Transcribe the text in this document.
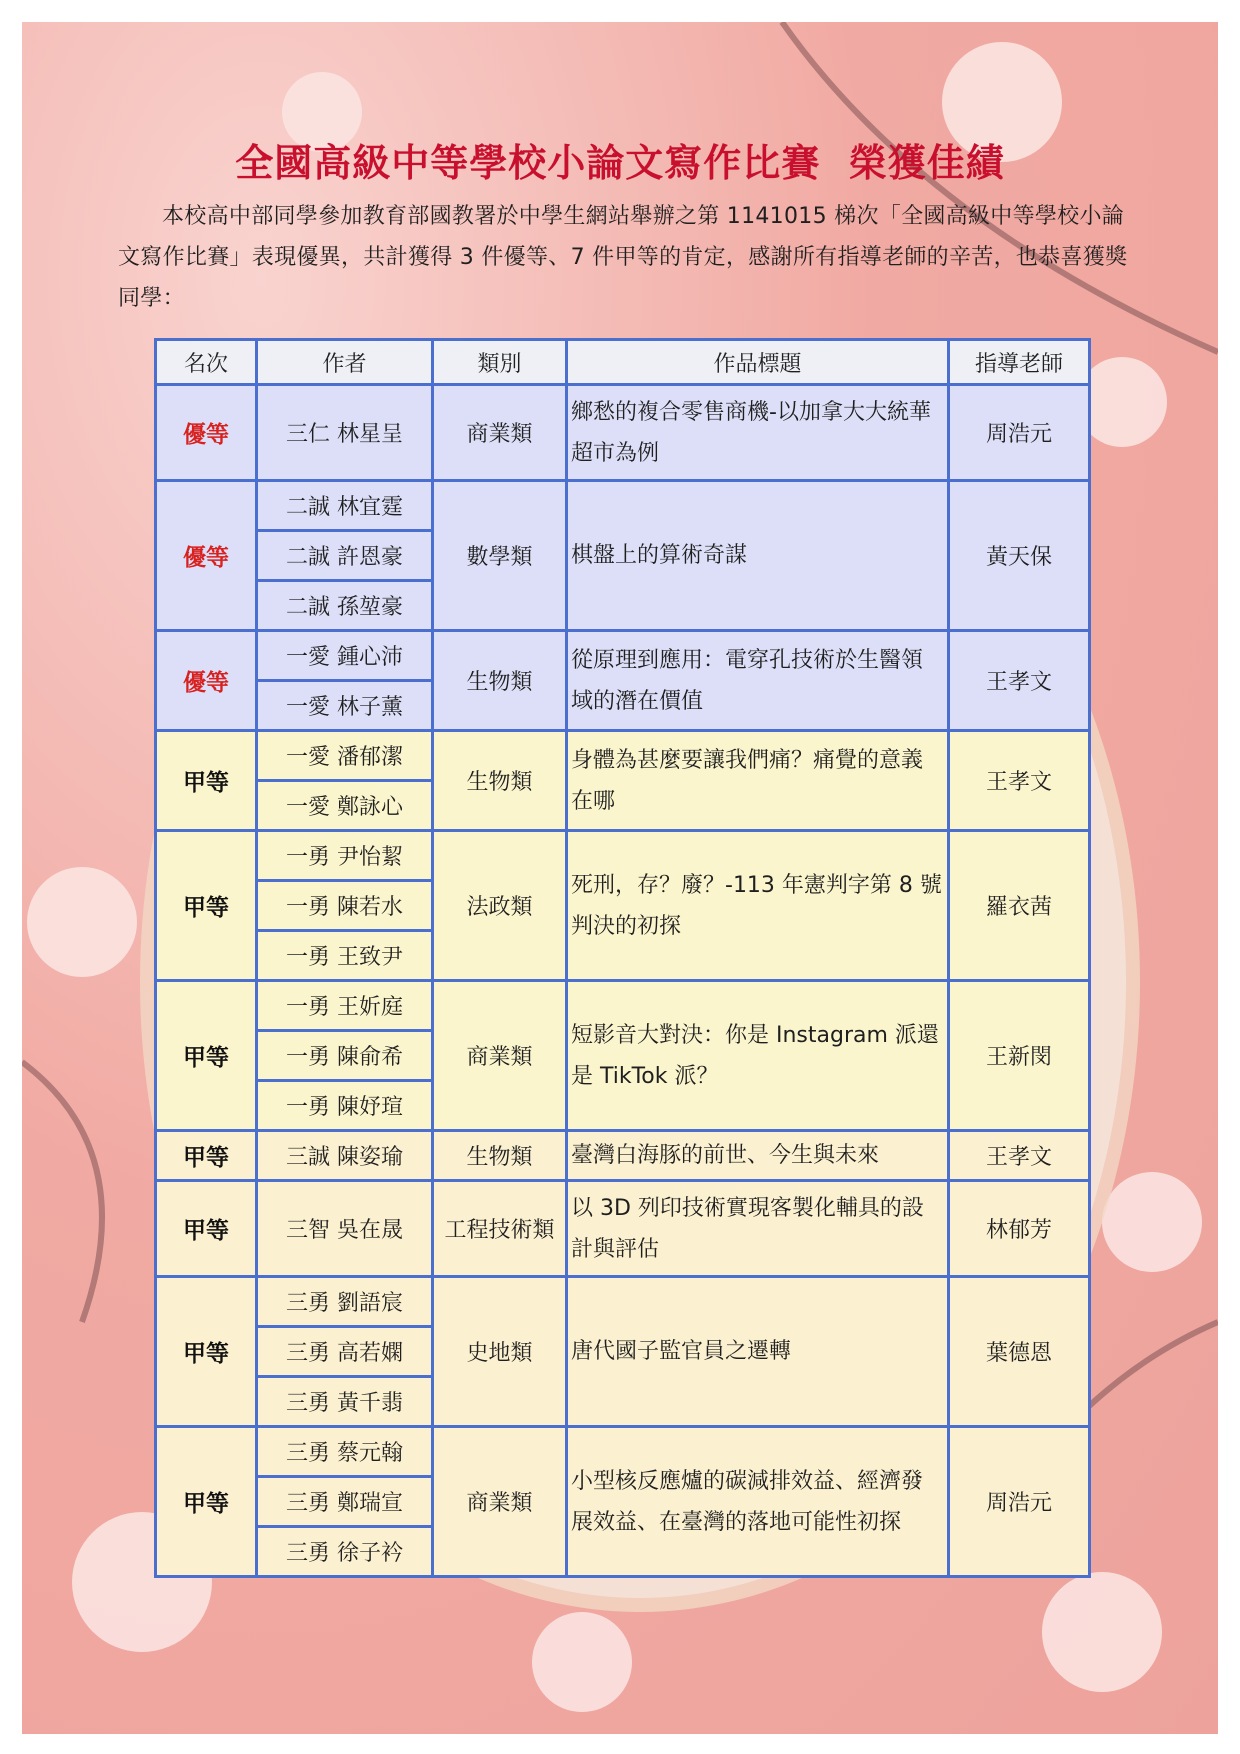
全國高級中等學校小論文寫作比賽  榮獲佳績
本校高中部同學參加教育部國教署於中學生網站舉辦之第 1141015 梯次「全國高級中等學校小論文寫作比賽」表現優異，共計獲得 3 件優等、7 件甲等的肯定，感謝所有指導老師的辛苦，也恭喜獲獎同學：
名次	作者	類別	作品標題	指導老師
優等	三仁 林星呈	商業類	鄉愁的複合零售商機-以加拿大大統華超市為例	周浩元
優等	二誠 林宜霆	數學類	棋盤上的算術奇謀	黃天保
	二誠 許恩豪			
	二誠 孫堃豪			
優等	一愛 鍾心沛	生物類	從原理到應用：電穿孔技術於生醫領域的潛在價值	王孝文
	一愛 林子薰			
甲等	一愛 潘郁潔	生物類	身體為甚麼要讓我們痛？痛覺的意義在哪	王孝文
	一愛 鄭詠心			
甲等	一勇 尹怡絜	法政類	死刑，存？廢？-113 年憲判字第 8 號判決的初探	羅衣茜
	一勇 陳若水			
	一勇 王致尹			
甲等	一勇 王妡庭	商業類	短影音大對決：你是 Instagram 派還是 TikTok 派？	王新閔
	一勇 陳俞希			
	一勇 陳妤瑄			
甲等	三誠 陳姿瑜	生物類	臺灣白海豚的前世、今生與未來	王孝文
甲等	三智 吳在晟	工程技術類	以 3D 列印技術實現客製化輔具的設計與評估	林郁芳
甲等	三勇 劉語宸	史地類	唐代國子監官員之遷轉	葉德恩
	三勇 高若嫻			
	三勇 黃千翡			
甲等	三勇 蔡元翰	商業類	小型核反應爐的碳減排效益、經濟發展效益、在臺灣的落地可能性初探	周浩元
	三勇 鄭瑞宣			
	三勇 徐子衿			
